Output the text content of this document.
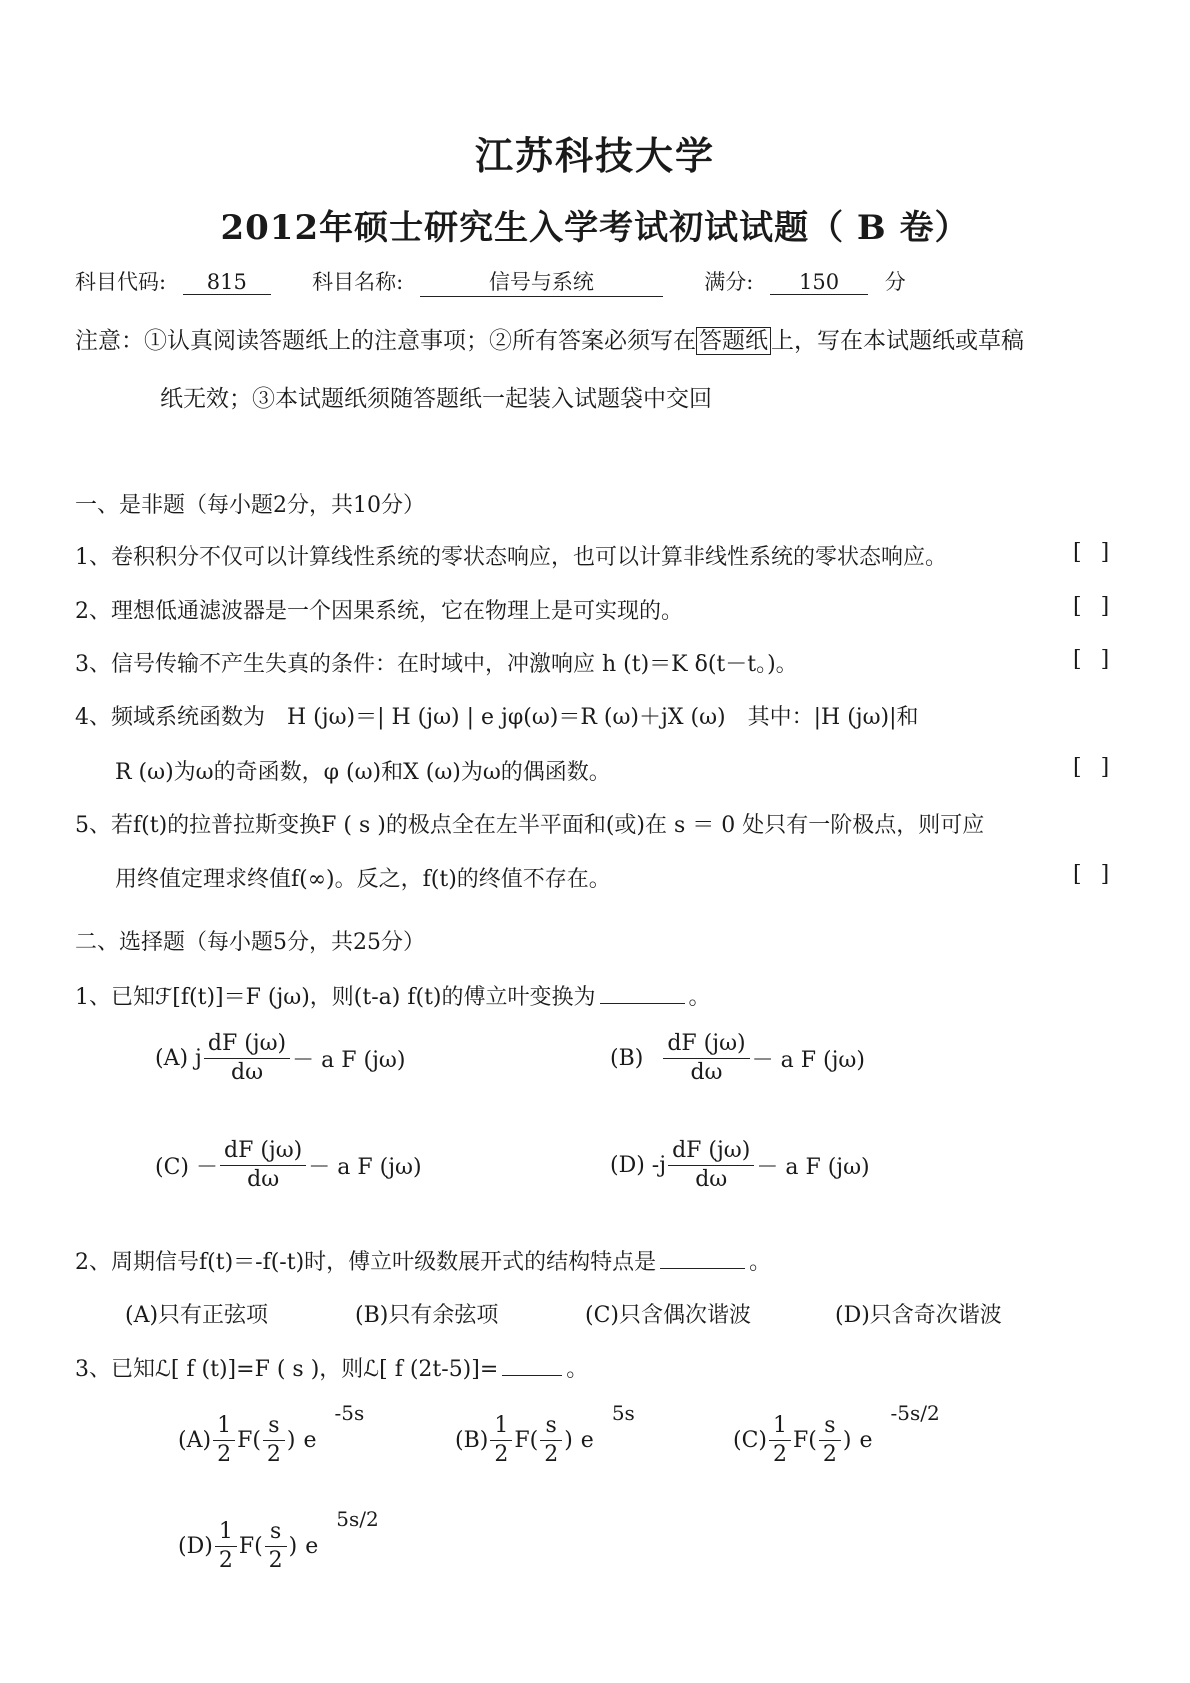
江苏科技大学
2012年硕士研究生入学考试初试试题（ B 卷）
科目代码: 815	科目名称:	信号与系统	满分: 150 分
注意：①认真阅读答题纸上的注意事项；②所有答案必须写在 答题纸 上，写在本试题纸或草稿
纸无效；③本试题纸须随答题纸一起装入试题袋中交回
一、是非题（每小题2分，共10分）
1、卷积积分不仅可以计算线性系统的零状态响应，也可以计算非线性系统的零状态响应。	[ ]
2、理想低通滤波器是一个因果系统，它在物理上是可实现的。	[ ]
3、信号传输不产生失真的条件：在时域中，冲激响应 h (t)＝K δ(t－t。)。	[ ]
4、频域系统函数为　H (jω)＝| H (jω) | e jφ(ω)＝R (ω)＋jX (ω)　其中：|H (jω)|和
R (ω)为ω的奇函数，φ (ω)和X (ω)为ω的偶函数。	[ ]
5、若f(t)的拉普拉斯变换F ( s )的极点全在左半平面和(或)在 s ＝ 0 处只有一阶极点，则可应
用终值定理求终值f(∞)。反之，f(t)的终值不存在。	[ ]
二、选择题（每小题5分，共25分）
1、已知ℱ[f(t)]＝F (jω)，则(t-a) f(t)的傅立叶变换为	。
(A) j $\frac{dF (j\omega)}{d\omega} - a$ F (jω)	$(B) \frac{dF (j\omega)}{d\omega} - a$ F (jω)
$(C) - \frac{dF (j\omega)}{d\omega} - a$ F (jω)	(D) $-j \frac{dF (j\omega)}{d\omega} - a$ F (jω)
2、周期信号f(t)＝-f(-t)时，傅立叶级数展开式的结构特点是	。
(A)只有正弦项	(B)只有余弦项	(C)只含偶次谐波	(D)只含奇次谐波
3、已知ℒ[ f (t)]=F ( s )，则ℒ[ f (2t-5)]=	。
$(A) \frac{1}{2}$ F ( $\frac{s}{2}$ ) e
-5s
$(B) \frac{1}{2}$ F ( $\frac{s}{2}$ ) e
5s
$(C) \frac{1}{2}$ F ( $\frac{s}{2}$ ) e
-5s/2
$(D) \frac{1}{2}$ F ( $\frac{s}{2}$ ) e
5s/2
